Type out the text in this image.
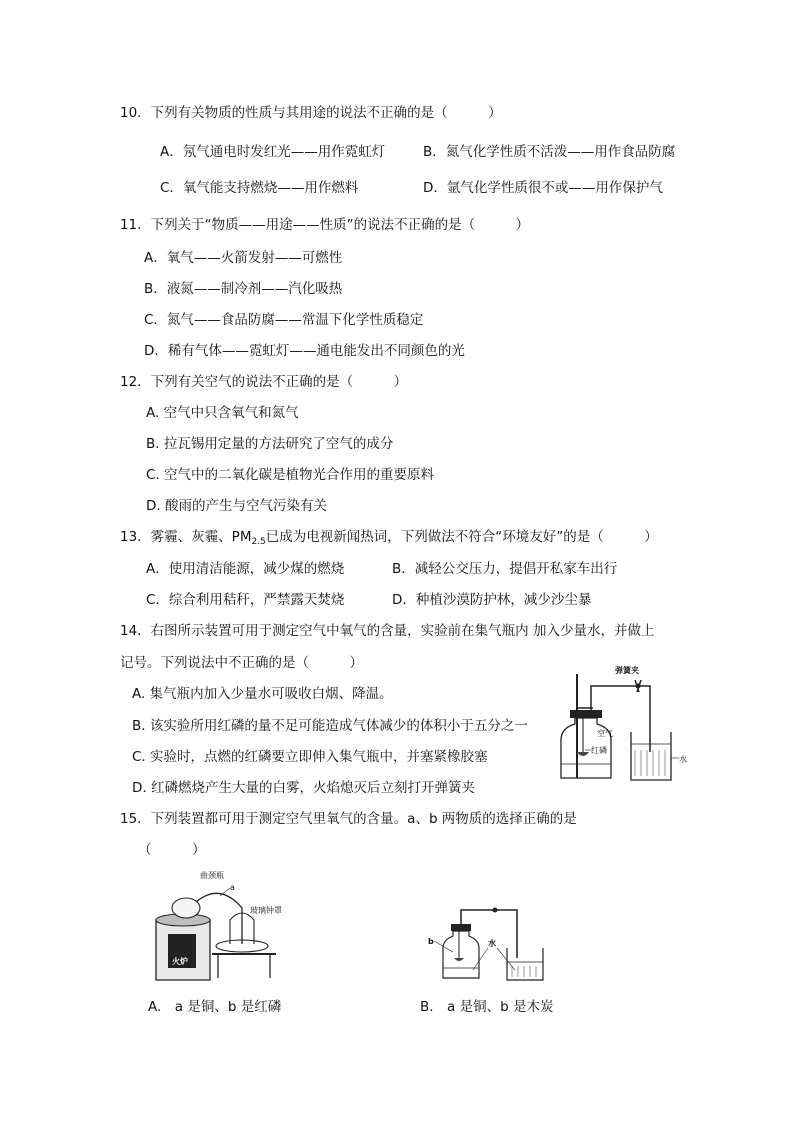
10．下列有关物质的性质与其用途的说法不正确的是（　　　）
A．氖气通电时发红光——用作霓虹灯	B．氮气化学性质不活泼——用作食品防腐
C．氧气能支持燃烧——用作燃料	D．氩气化学性质很不或——用作保护气
11．下列关于“物质——用途——性质”的说法不正确的是（　　　）
A．氧气——火箭发射——可燃性
B．液氮——制冷剂——汽化吸热
C．氮气——食品防腐——常温下化学性质稳定
D．稀有气体——霓虹灯——通电能发出不同颜色的光
12．下列有关空气的说法不正确的是（　　　）
A. 空气中只含氧气和氮气
B. 拉瓦锡用定量的方法研究了空气的成分
C. 空气中的二氧化碳是植物光合作用的重要原料
D. 酸雨的产生与空气污染有关
13．雾霾、灰霾、$PM_{2.5}$已成为电视新闻热词，下列做法不符合“环境友好”的是（　　　）
A．使用清洁能源，减少煤的燃烧	B．减轻公交压力，提倡开私家车出行
C．综合利用秸秆，严禁露天焚烧	D．种植沙漠防护林，减少沙尘暴
14．右图所示装置可用于测定空气中氧气的含量，实验前在集气瓶内 加入少量水，并做上
记号。下列说法中不正确的是（　　　）
A. 集气瓶内加入少量水可吸收白烟、降温。
B. 该实验所用红磷的量不足可能造成气体减少的体积小于五分之一
C. 实验时，点燃的红磷要立即伸入集气瓶中，并塞紧橡胶塞
D. 红磷燃烧产生大量的白雾，火焰熄灭后立刻打开弹簧夹
弹簧夹
空气
红磷
水
15．下列装置都可用于测定空气里氧气的含量。a、b 两物质的选择正确的是
（　　　）
曲颈瓶
a
玻璃钟罩
火炉
b	水
A.　a 是铜、b 是红磷	B.　a 是铜、b 是木炭
